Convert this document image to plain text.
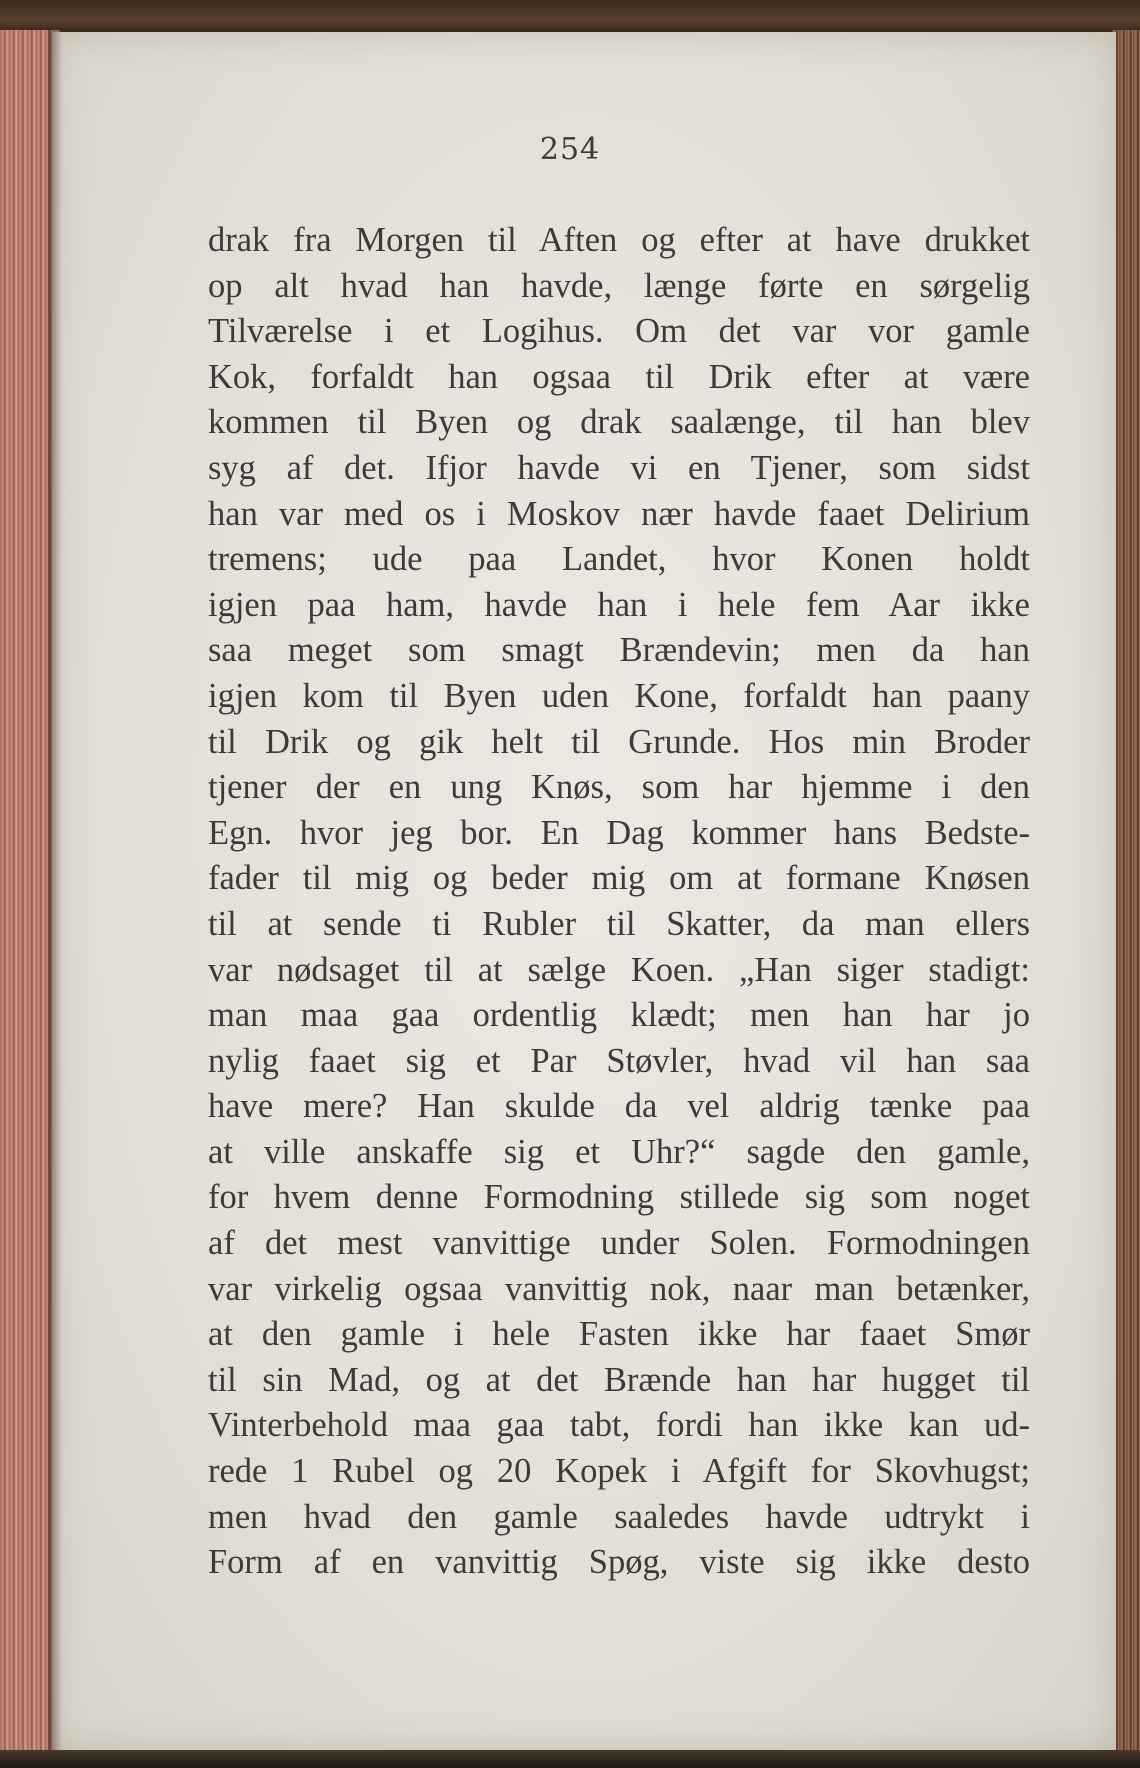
254
drak fra Morgen til Aften og efter at have drukket
op alt hvad han havde, længe førte en sørgelig
Tilværelse i et Logihus. Om det var vor gamle
Kok, forfaldt han ogsaa til Drik efter at være
kommen til Byen og drak saalænge, til han blev
syg af det. Ifjor havde vi en Tjener, som sidst
han var med os i Moskov nær havde faaet Delirium
tremens; ude paa Landet, hvor Konen holdt
igjen paa ham, havde han i hele fem Aar ikke
saa meget som smagt Brændevin; men da han
igjen kom til Byen uden Kone, forfaldt han paany
til Drik og gik helt til Grunde. Hos min Broder
tjener der en ung Knøs, som har hjemme i den
Egn. hvor jeg bor. En Dag kommer hans Bedste-
fader til mig og beder mig om at formane Knøsen
til at sende ti Rubler til Skatter, da man ellers
var nødsaget til at sælge Koen. „Han siger stadigt:
man maa gaa ordentlig klædt; men han har jo
nylig faaet sig et Par Støvler, hvad vil han saa
have mere? Han skulde da vel aldrig tænke paa
at ville anskaffe sig et Uhr?“ sagde den gamle,
for hvem denne Formodning stillede sig som noget
af det mest vanvittige under Solen. Formodningen
var virkelig ogsaa vanvittig nok, naar man betænker,
at den gamle i hele Fasten ikke har faaet Smør
til sin Mad, og at det Brænde han har hugget til
Vinterbehold maa gaa tabt, fordi han ikke kan ud-
rede 1 Rubel og 20 Kopek i Afgift for Skovhugst;
men hvad den gamle saaledes havde udtrykt i
Form af en vanvittig Spøg, viste sig ikke desto
